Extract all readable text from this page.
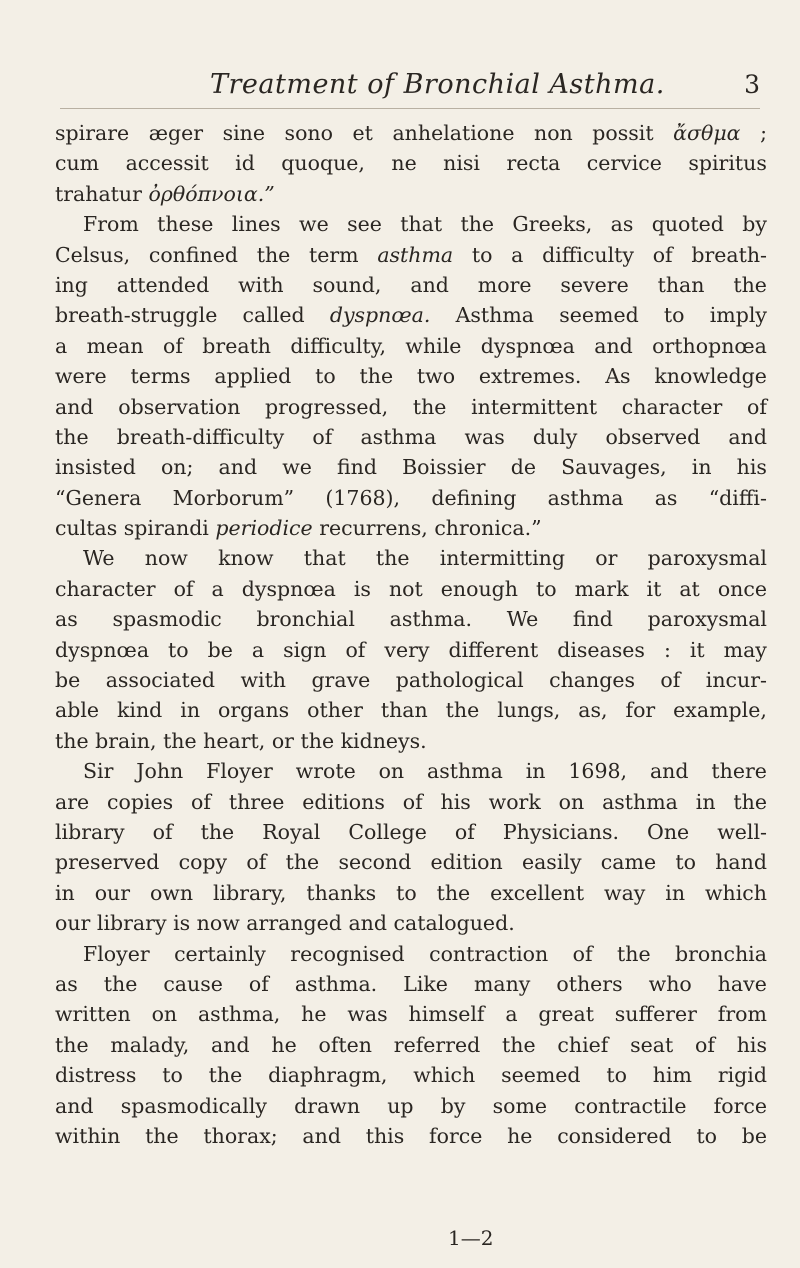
Treatment of Bronchial Asthma.	3
spirare æger sine sono et anhelatione non possit ἄσθμα ;
cum accessit id quoque, ne nisi recta cervice spiritus
trahatur ὀρθόπνοια.”
From these lines we see that the Greeks, as quoted by
Celsus, confined the term asthma to a difficulty of breath-
ing attended with sound, and more severe than the
breath-struggle called dyspnœa. Asthma seemed to imply
a mean of breath difficulty, while dyspnœa and orthopnœa
were terms applied to the two extremes. As knowledge
and observation progressed, the intermittent character of
the breath-difficulty of asthma was duly observed and
insisted on; and we find Boissier de Sauvages, in his
“Genera Morborum” (1768), defining asthma as “diffi-
cultas spirandi periodice recurrens, chronica.”
We now know that the intermitting or paroxysmal
character of a dyspnœa is not enough to mark it at once
as spasmodic bronchial asthma. We find paroxysmal
dyspnœa to be a sign of very different diseases : it may
be associated with grave pathological changes of incur-
able kind in organs other than the lungs, as, for example,
the brain, the heart, or the kidneys.
Sir John Floyer wrote on asthma in 1698, and there
are copies of three editions of his work on asthma in the
library of the Royal College of Physicians. One well-
preserved copy of the second edition easily came to hand
in our own library, thanks to the excellent way in which
our library is now arranged and catalogued.
Floyer certainly recognised contraction of the bronchia
as the cause of asthma. Like many others who have
written on asthma, he was himself a great sufferer from
the malady, and he often referred the chief seat of his
distress to the diaphragm, which seemed to him rigid
and spasmodically drawn up by some contractile force
within the thorax; and this force he considered to be
1—2
